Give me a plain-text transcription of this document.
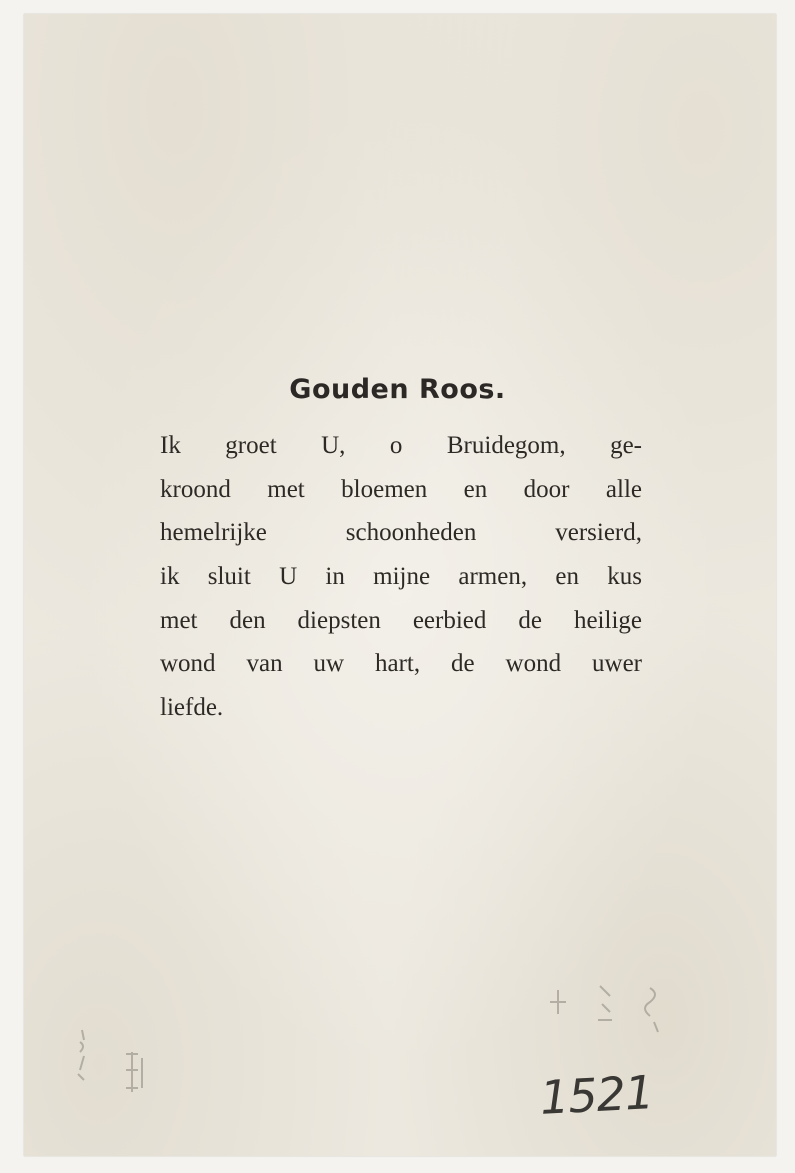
Gouden Roos.
Ik groet U, o Bruidegom, ge-
kroond met bloemen en door alle
hemelrijke schoonheden versierd,
ik sluit U in mijne armen, en kus
met den diepsten eerbied de heilige
wond van uw hart, de wond uwer
liefde.
1521
